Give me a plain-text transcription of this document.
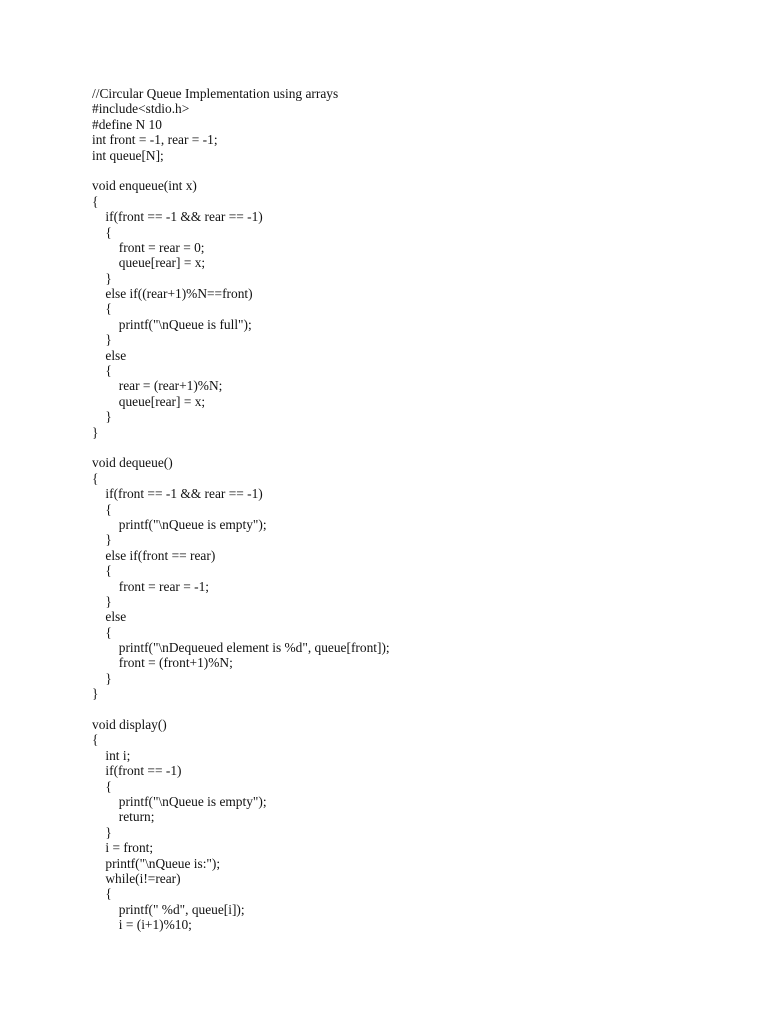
//Circular Queue Implementation using arrays
#include<stdio.h>
#define N 10
int front = -1, rear = -1;
int queue[N];
void enqueue(int x)
{
if(front == -1 && rear == -1)
{
front = rear = 0;
queue[rear] = x;
}
else if((rear+1)%N==front)
{
printf("\nQueue is full");
}
else
{
rear = (rear+1)%N;
queue[rear] = x;
}
}
void dequeue()
{
if(front == -1 && rear == -1)
{
printf("\nQueue is empty");
}
else if(front == rear)
{
front = rear = -1;
}
else
{
printf("\nDequeued element is %d", queue[front]);
front = (front+1)%N;
}
}
void display()
{
int i;
if(front == -1)
{
printf("\nQueue is empty");
return;
}
i = front;
printf("\nQueue is:");
while(i!=rear)
{
printf(" %d", queue[i]);
i = (i+1)%10;
